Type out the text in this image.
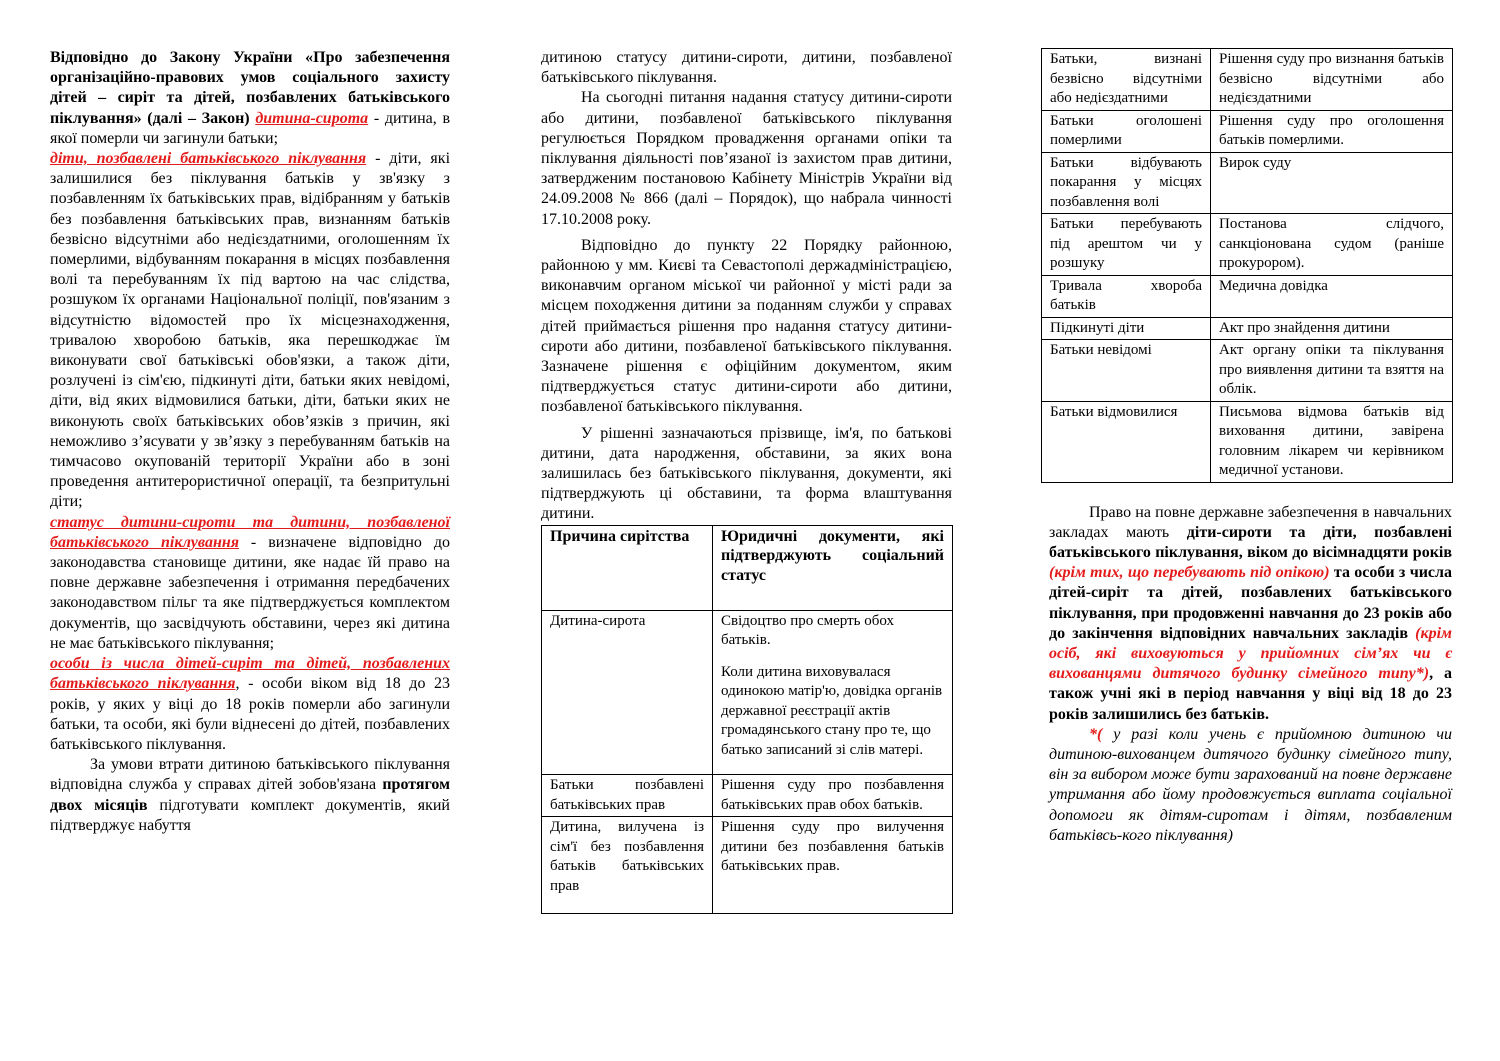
Відповідно до Закону України «Про забезпечення організаційно-правових умов соціального захисту дітей – сиріт та дітей, позбавлених батьківського піклування» (далі – Закон) дитина-сирота - дитина, в якої померли чи загинули батьки;

діти, позбавлені батьківського піклування - діти, які залишилися без піклування батьків у зв'язку з позбавленням їх батьківських прав, відібранням у батьків без позбавлення батьківських прав, визнанням батьків безвісно відсутніми або недієздатними, оголошенням їх померлими, відбуванням покарання в місцях позбавлення волі та перебуванням їх під вартою на час слідства, розшуком їх органами Національної поліції, пов'язаним з відсутністю відомостей про їх місцезнаходження, тривалою хворобою батьків, яка перешкоджає їм виконувати свої батьківські обов'язки, а також діти, розлучені із сім'єю, підкинуті діти, батьки яких невідомі, діти, від яких відмовилися батьки, діти, батьки яких не виконують своїх батьківських обов’язків з причин, які неможливо з’ясувати у зв’язку з перебуванням батьків на тимчасово окупованій території України або в зоні проведення антитерористичної операції, та безпритульні діти;

статус дитини-сироти та дитини, позбавленої батьківського піклування - визначене відповідно до законодавства становище дитини, яке надає їй право на повне державне забезпечення і отримання передбачених законодавством пільг та яке підтверджується комплектом документів, що засвідчують обставини, через які дитина не має батьківського піклування;

особи із числа дітей-сиріт та дітей, позбавлених батьківського піклування, - особи віком від 18 до 23 років, у яких у віці до 18 років померли або загинули батьки, та особи, які були віднесені до дітей, позбавлених батьківського піклування.

За умови втрати дитиною батьківського піклування відповідна служба у справах дітей зобов'язана протягом двох місяців підготувати комплект документів, який підтверджує набуття

дитиною статусу дитини-сироти, дитини, позбавленої батьківського піклування.

На сьогодні питання надання статусу дитини-сироти або дитини, позбавленої батьківського піклування регулюється Порядком провадження органами опіки та піклування діяльності пов’язаної із захистом прав дитини, затвердженим постановою Кабінету Міністрів України від 24.09.2008 № 866 (далі – Порядок), що набрала чинності 17.10.2008 року.

Відповідно до пункту 22 Порядку районною, районною у мм. Києві та Севастополі держадміністрацією, виконавчим органом міської чи районної у місті ради за місцем походження дитини за поданням служби у справах дітей приймається рішення про надання статусу дитини-сироти або дитини, позбавленої батьківського піклування. Зазначене рішення є офіційним документом, яким підтверджується статус дитини-сироти або дитини, позбавленої батьківського піклування.

У рішенні зазначаються прізвище, ім'я, по батькові дитини, дата народження, обставини, за яких вона залишилась без батьківського піклування, документи, які підтверджують ці обставини, та форма влаштування дитини.

Причина сирітства	Юридичні документи, які підтверджують соціальний статус
Дитина-сирота	Свідоцтво про смерть обох батьків.
Коли дитина виховувалася одинокою матір'ю, довідка органів державної реєстрації актів громадянського стану про те, що батько записаний зі слів матері.

Батьки позбавлені батьківських прав	Рішення суду про позбавлення батьківських прав обох батьків.
Дитина, вилучена із сім'ї без позбавлення батьків батьківських прав	Рішення суду про вилучення дитини без позбавлення батьків батьківських прав.
Батьки, визнані безвісно відсутніми або недієздатними	Рішення суду про визнання батьків безвісно відсутніми або недієздатними
Батьки оголошені померлими	Рішення суду про оголошення батьків померлими.
Батьки відбувають покарання у місцях позбавлення волі	Вирок суду
Батьки перебувають під арештом чи у розшуку	Постанова слідчого, санкціонована судом (раніше прокурором).
Тривала хвороба батьків	Медична довідка
Підкинуті діти	Акт про знайдення дитини
Батьки невідомі	Акт органу опіки та піклування про виявлення дитини та взяття на облік.
Батьки відмовилися	Письмова відмова батьків від виховання дитини, завірена головним лікарем чи керівником медичної установи.

Право на повне державне забезпечення в навчальних закладах мають діти-сироти та діти, позбавлені батьківського піклування, віком до вісімнадцяти років (крім тих, що перебувають під опікою) та особи з числа дітей-сиріт та дітей, позбавлених батьківського піклування, при продовженні навчання до 23 років або до закінчення відповідних навчальних закладів (крім осіб, які виховуються у прийомних сім’ях чи є вихованцями дитячого будинку сімейного типу*), а також учні які в період навчання у віці від 18 до 23 років залишились без батьків.

*( у разі коли учень є прийомною дитиною чи дитиною-вихованцем дитячого будинку сімейного типу, він за вибором може бути зарахований на повне державне утримання або йому продовжується виплата соціальної допомоги як дітям-сиротам і дітям, позбавленим батьківсь-кого піклування)
